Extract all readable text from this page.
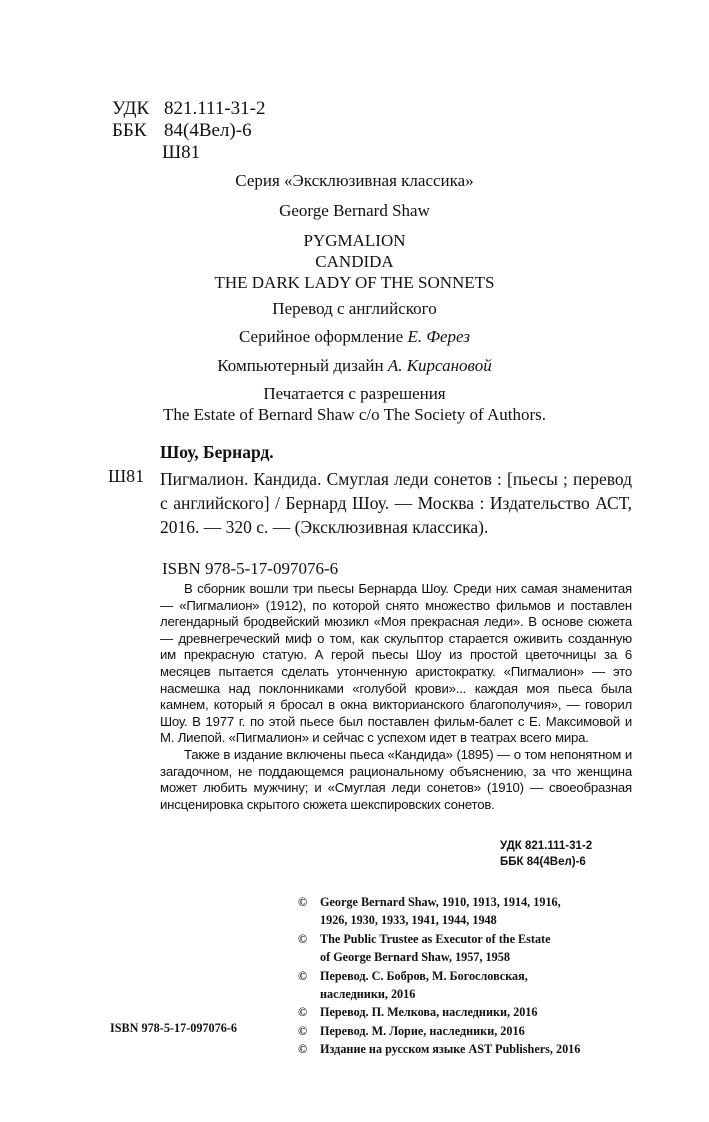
УДК 821.111-31-2
ББК 84(4Вел)-6
Ш81
Серия «Эксклюзивная классика»
George Bernard Shaw
PYGMALION
CANDIDA
THE DARK LADY OF THE SONNETS
Перевод с английского
Серийное оформление Е. Ферез
Компьютерный дизайн А. Кирсановой
Печатается с разрешения
The Estate of Bernard Shaw c/o The Society of Authors.
Шоу, Бернард.
Ш81 Пигмалион. Кандида. Смуглая леди сонетов : [пьесы ; перевод с английского] / Бернард Шоу. — Москва : Издательство АСТ, 2016. — 320 с. — (Эксклюзивная классика).
ISBN 978-5-17-097076-6

В сборник вошли три пьесы Бернарда Шоу. Среди них самая знаменитая — «Пигмалион» (1912), по которой снято множество фильмов и поставлен легендарный бродвейский мюзикл «Моя прекрасная леди». В основе сюжета — древнегреческий миф о том, как скульптор старается оживить созданную им прекрасную статую. А герой пьесы Шоу из простой цветочницы за 6 месяцев пытается сделать утонченную аристократку. «Пигмалион» — это насмешка над поклонниками «голубой крови»... каждая моя пьеса была камнем, который я бросал в окна викторианского благополучия», — говорил Шоу. В 1977 г. по этой пьесе был поставлен фильм-балет с Е. Максимовой и М. Лиепой. «Пигмалион» и сейчас с успехом идет в театрах всего мира.

Также в издание включены пьеса «Кандида» (1895) — о том непонятном и загадочном, не поддающемся рациональному объяснению, за что женщина может любить мужчину; и «Смуглая леди сонетов» (1910) — своеобразная инсценировка скрытого сюжета шекспировских сонетов.

УДК 821.111-31-2
ББК 84(4Вел)-6
©	George Bernard Shaw, 1910, 1913, 1914, 1916,
1926, 1930, 1933, 1941, 1944, 1948
©	The Public Trustee as Executor of the Estate
of George Bernard Shaw, 1957, 1958
©	Перевод. С. Бобров, М. Богословская,
наследники, 2016
©	Перевод. П. Мелкова, наследники, 2016
©	Перевод. М. Лорие, наследники, 2016
©	Издание на русском языке AST Publishers, 2016
ISBN 978-5-17-097076-6
